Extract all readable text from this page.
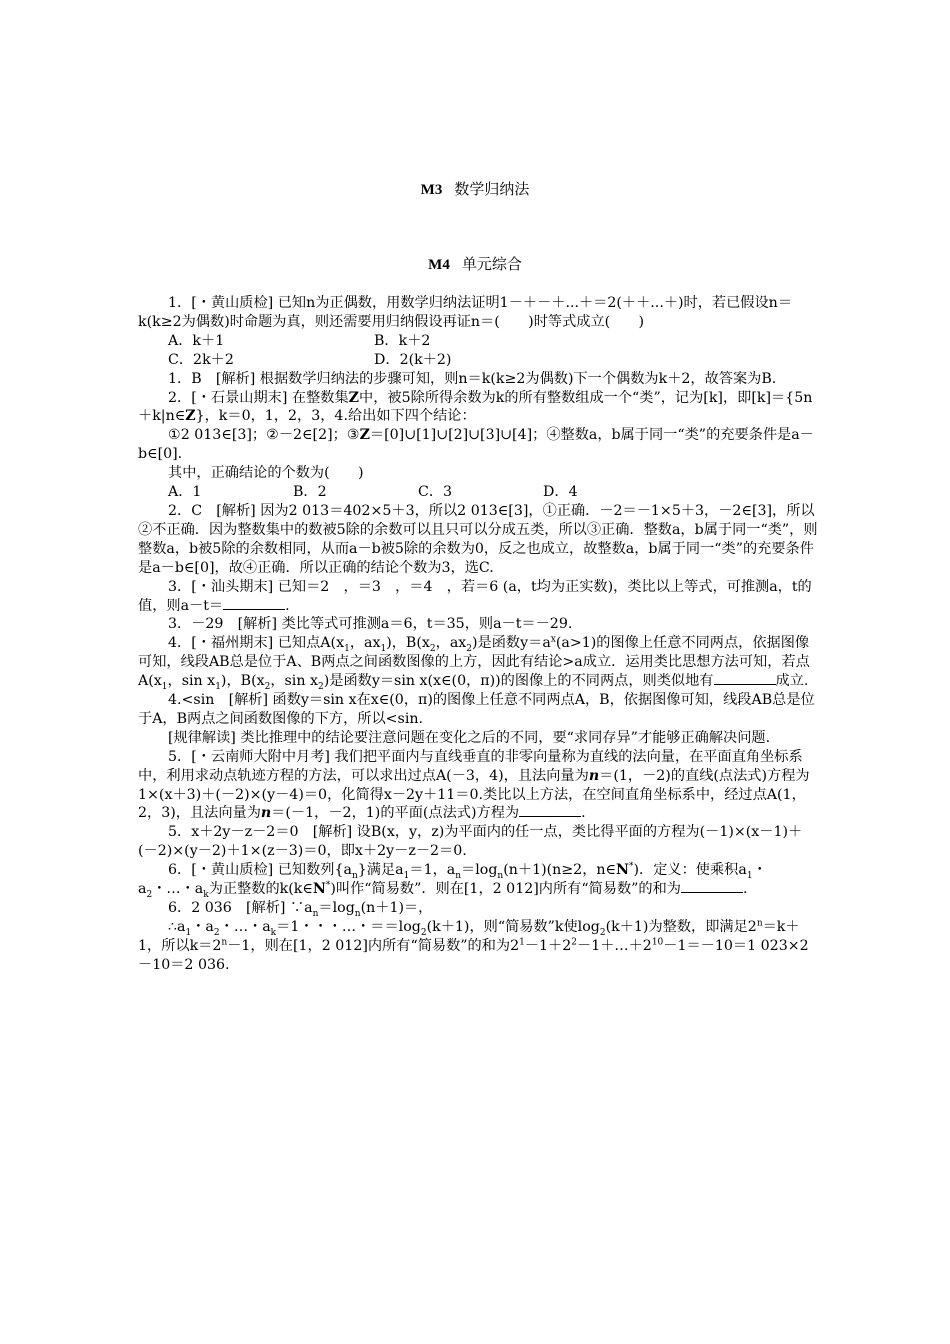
M3 数学归纳法
M4 单元综合

1．[・黄山质检] 已知n为正偶数，用数学归纳法证明1－＋－＋...＋＝2(＋＋...＋)时，若已假设n＝k(k≥2为偶数)时命题为真，则还需要用归纳假设再证n＝(　　)时等式成立(　　)

A．k＋1	B．k＋2

C．2k＋2	D．2(k＋2)

1．B　[解析] 根据数学归纳法的步骤可知，则n＝k(k≥2为偶数)下一个偶数为k＋2，故答案为B.

2．[・石景山期末] 在整数集Z中，被5除所得余数为k的所有整数组成一个“类”，记为[k]，即[k]＝{5n＋k|n∈Z}，k＝0，1，2，3，4.给出如下四个结论：

①2 013∈[3]；②－2∈[2]；③Z＝[0]∪[1]∪[2]∪[3]∪[4]；④整数a，b属于同一“类”的充要条件是a－b∈[0].

其中，正确结论的个数为(　　)

A．1	B．2	C．3	D．4

2．C　[解析] 因为2 013＝402×5＋3，所以2 013∈[3]，①正确．－2＝－1×5＋3，－2∈[3]，所以②不正确．因为整数集中的数被5除的余数可以且只可以分成五类，所以③正确．整数a，b属于同一“类”，则整数a，b被5除的余数相同，从而a－b被5除的余数为0，反之也成立，故整数a，b属于同一“类”的充要条件是a－b∈[0]，故④正确．所以正确的结论个数为3，选C.

3．[・汕头期末] 已知＝2　，＝3　，＝4　，若＝6 (a，t均为正实数)，类比以上等式，可推测a，t的值，则a－t＝	.

3．－29　[解析] 类比等式可推测a＝6，t＝35，则a－t＝－29.

4．[・福州期末] 已知点$A(x_1$，$ax_1$)，$B(x_2$，$ax_2$)是函数$y=a^x(a>1)$的图像上任意不同两点，依据图像可知，线段AB总是位于A、B两点之间函数图像的上方，因此有结论>a成立．运用类比思想方法可知，若点$A(x_1$，$\sin x_1$)，$B(x_2$，$\sin x_2$)是函数y＝sin x(x∈(0，π))的图像上的不同两点，则类似地有	成立.

4.<sin　[解析] 函数y＝sin x在x∈(0，π)的图像上任意不同两点A，B，依据图像可知，线段AB总是位于A，B两点之间函数图像的下方，所以<sin.

[规律解读] 类比推理中的结论要注意问题在变化之后的不同，要“求同存异”才能够正确解决问题.

5．[・云南师大附中月考] 我们把平面内与直线垂直的非零向量称为直线的法向量，在平面直角坐标系中，利用求动点轨迹方程的方法，可以求出过点A(－3，4)，且法向量为n＝(1，－2)的直线(点法式)方程为1×(x＋3)＋(－2)×(y－4)＝0，化简得x－2y＋11＝0.类比以上方法，在空间直角坐标系中，经过点A(1，2，3)，且法向量为n＝(－1，－2，1)的平面(点法式)方程为	.

5．x＋2y－z－2＝0　[解析] 设B(x，y，z)为平面内的任一点，类比得平面的方程为(－1)×(x－1)＋(－2)×(y－2)＋1×(z－3)＝0，即x＋2y－z－2＝0.

6．[・黄山质检] 已知数列$\{a_n\}$满足$a_1=1$，$a_n=\log_n(n+1)(n\ge 2$，n∈N*)．定义：使乘积$a_1$・$a_2$・…・$a_k$为正整数的k(k∈N*)叫作“简易数”．则在[1，2 012]内所有“简易数”的和为	.

6．2 036　[解析] $\because a_n=\log_n(n+1)=$，

$\therefore a_1$・$a_2$・…・$a_k=1$・・・…・$==\log_2(k+1)$，则“简易数”k使$\log_2(k+1)$为整数，即满足$2^n=k+1$，所以$k=2^n-1$，则在[1，2 012]内所有“简易数”的和为$2^1-1+2^2-1+\dots+2^{10}-1=-10=1$ 023×2－10＝2 036.
